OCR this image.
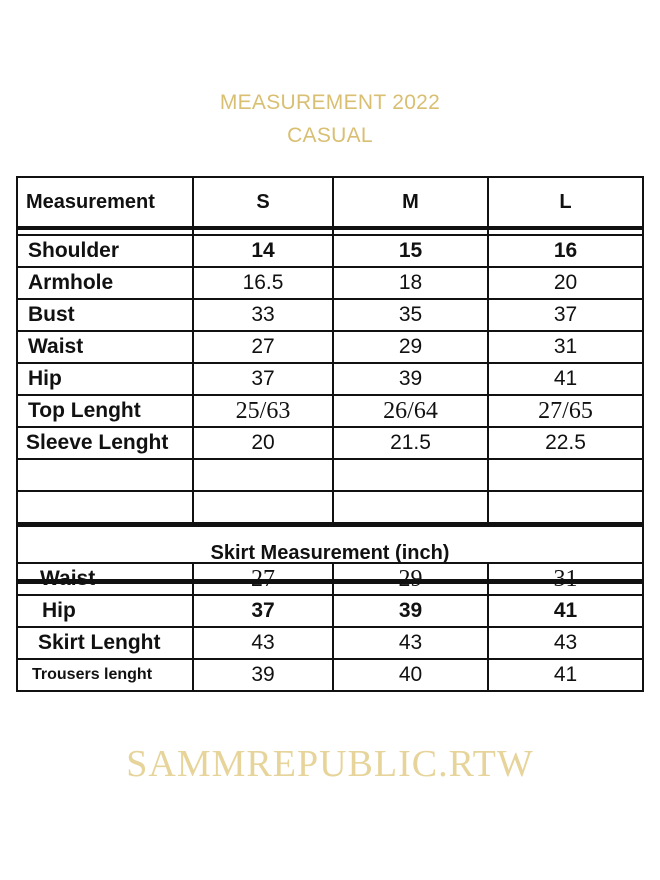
MEASUREMENT 2022
CASUAL
Measurement	S	M	L

Shoulder	14	15	16
Armhole	16.5	18	20
Bust	33	35	37
Waist	27	29	31
Hip	37	39	41
Top Lenght	25/63	26/64	27/65
Sleeve Lenght	20	21.5	22.5

Skirt Measurement (inch)			
Waist	27	29	31
Hip	37	39	41
Skirt Lenght	43	43	43
Trousers lenght	39	40	41
SAMMREPUBLIC.RTW
